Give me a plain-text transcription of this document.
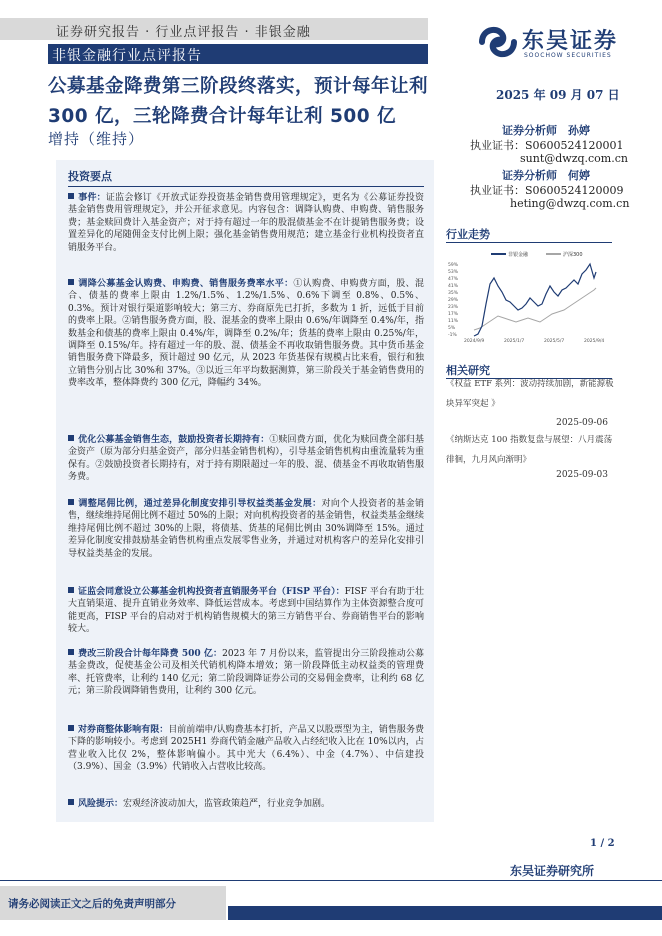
证券研究报告 · 行业点评报告 · 非银金融
非银金融行业点评报告
东吴证券
SOOCHOW SECURITIES
公募基金降费第三阶段终落实，预计每年让利 300 亿，三轮降费合计每年让利 500 亿
2025 年 09 月 07 日
增持（维持）	证券分析师　孙婷
执业证书：S0600524120001
sunt@dwzq.com.cn
证券分析师　何婷
执业证书：S0600524120009
heting@dwzq.com.cn
投资要点
事件：证监会修订《开放式证券投资基金销售费用管理规定》，更名为《公募证券投资基金销售费用管理规定》，并公开征求意见。内容包含：调降认购费、申购费、销售服务费；基金赎回费计入基金资产；对于持有超过一年的股混债基金不在计提销售服务费；设置差异化的尾随佣金支付比例上限；强化基金销售费用规范；建立基金行业机构投资者直销服务平台。
调降公募基金认购费、申购费、销售服务费率水平：①认购费、申购费方面，股、混合、债基的费率上限由 1.2%/1.5%、1.2%/1.5%、0.6%下调至 0.8%、0.5%、0.3%。预计对银行渠道影响较大；第三方、券商原先已打折，多数为 1 折，远低于目前的费率上限。②销售服务费方面，股、混基金的费率上限由 0.6%/年调降至 0.4%/年，指数基金和债基的费率上限由 0.4%/年，调降至 0.2%/年；货基的费率上限由 0.25%/年，调降至 0.15%/年。持有超过一年的股、混、债基金不再收取销售服务费。其中货币基金销售服务费下降最多，预计超过 90 亿元，从 2023 年货基保有规模占比来看，银行和独立销售分别占比 30%和 37%。③以近三年平均数据测算，第三阶段关于基金销售费用的费率改革，整体降费约 300 亿元，降幅约 34%。
优化公募基金销售生态，鼓励投资者长期持有：①赎回费方面，优化为赎回费全部归基金资产（原为部分归基金资产，部分归基金销售机构），引导基金销售机构由重流量转为重保有。②鼓励投资者长期持有，对于持有期限超过一年的股、混、债基金不再收取销售服务费。
调整尾佣比例，通过差异化制度安排引导权益类基金发展：对向个人投资者的基金销售，继续维持尾佣比例不超过 50%的上限；对向机构投资者的基金销售，权益类基金继续维持尾佣比例不超过 30%的上限，将债基、货基的尾佣比例由 30%调降至 15%。通过差异化制度安排鼓励基金销售机构重点发展零售业务，并通过对机构客户的差异化安排引导权益类基金的发展。
证监会同意设立公募基金机构投资者直销服务平台（FISP 平台）：FISF 平台有助于壮大直销渠道、提升直销业务效率、降低运营成本。考虑到中国结算作为主体资源整合度可能更高，FISP 平台的启动对于机构销售规模大的第三方销售平台、券商销售平台的影响较大。
费改三阶段合计每年降费 500 亿：2023 年 7 月份以来，监管提出分三阶段推动公募基金费改，促使基金公司及相关代销机构降本增效；第一阶段降低主动权益类的管理费率、托管费率，让利约 140 亿元；第二阶段调降证券公司的交易佣金费率，让利约 68 亿元；第三阶段调降销售费用，让利约 300 亿元。
对券商整体影响有限：目前前端申/认购费基本打折，产品又以股票型为主，销售服务费下降的影响较小。考虑到 2025H1 券商代销金融产品收入占经纪收入比在 10%以内，占营业收入比仅 2%，整体影响偏小。其中光大（6.4%）、中金（4.7%）、中信建投（3.9%）、国金（3.9%）代销收入占营收比较高。
风险提示：宏观经济波动加大，监管政策趋严，行业竞争加剧。
行业走势
非银金融	沪深300
59%
53%
47%
41%
35%
29%
23%
17%
11%
5%
-1%
2024/9/9	2025/1/7	2025/5/7	2025/9/4
相关研究
《权益 ETF 系列：波动持续加剧，新能源板块异军突起 》
2025-09-06
《纳斯达克 100 指数复盘与展望：八月震荡徘徊，九月风向渐明》
2025-09-03
1 / 2
东吴证券研究所
请务必阅读正文之后的免责声明部分
